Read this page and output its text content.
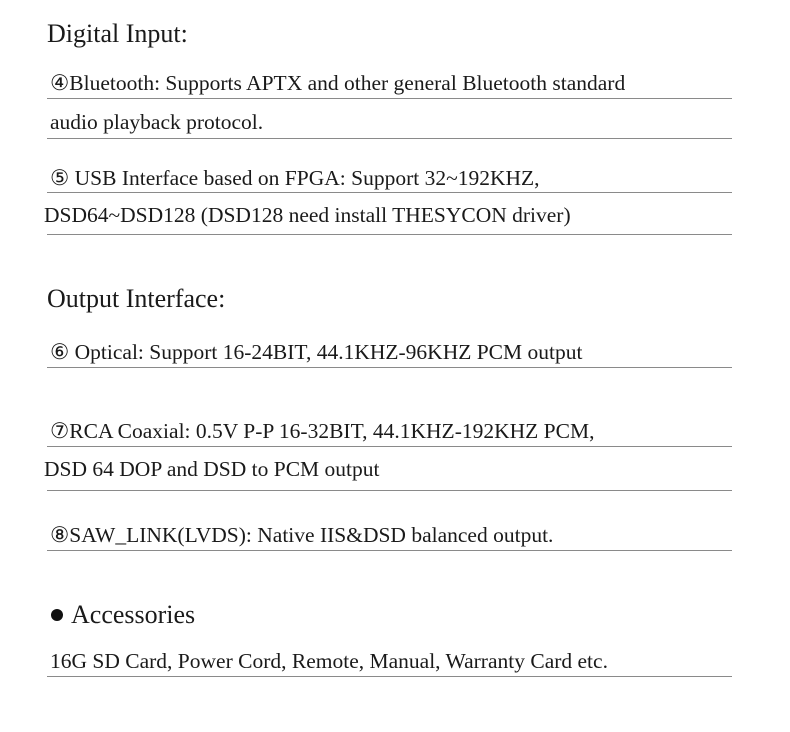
Digital Input:
④Bluetooth: Supports APTX and other general Bluetooth standard
audio playback protocol.
⑤ USB Interface based on FPGA: Support 32~192KHZ,
DSD64~DSD128 (DSD128 need install THESYCON driver)
Output Interface:
⑥ Optical: Support 16-24BIT, 44.1KHZ-96KHZ PCM output
⑦RCA Coaxial: 0.5V P-P 16-32BIT, 44.1KHZ-192KHZ PCM,
DSD 64 DOP and DSD to PCM output
⑧SAW_LINK(LVDS): Native IIS&DSD balanced output.
Accessories
16G SD Card, Power Cord, Remote, Manual, Warranty Card etc.
